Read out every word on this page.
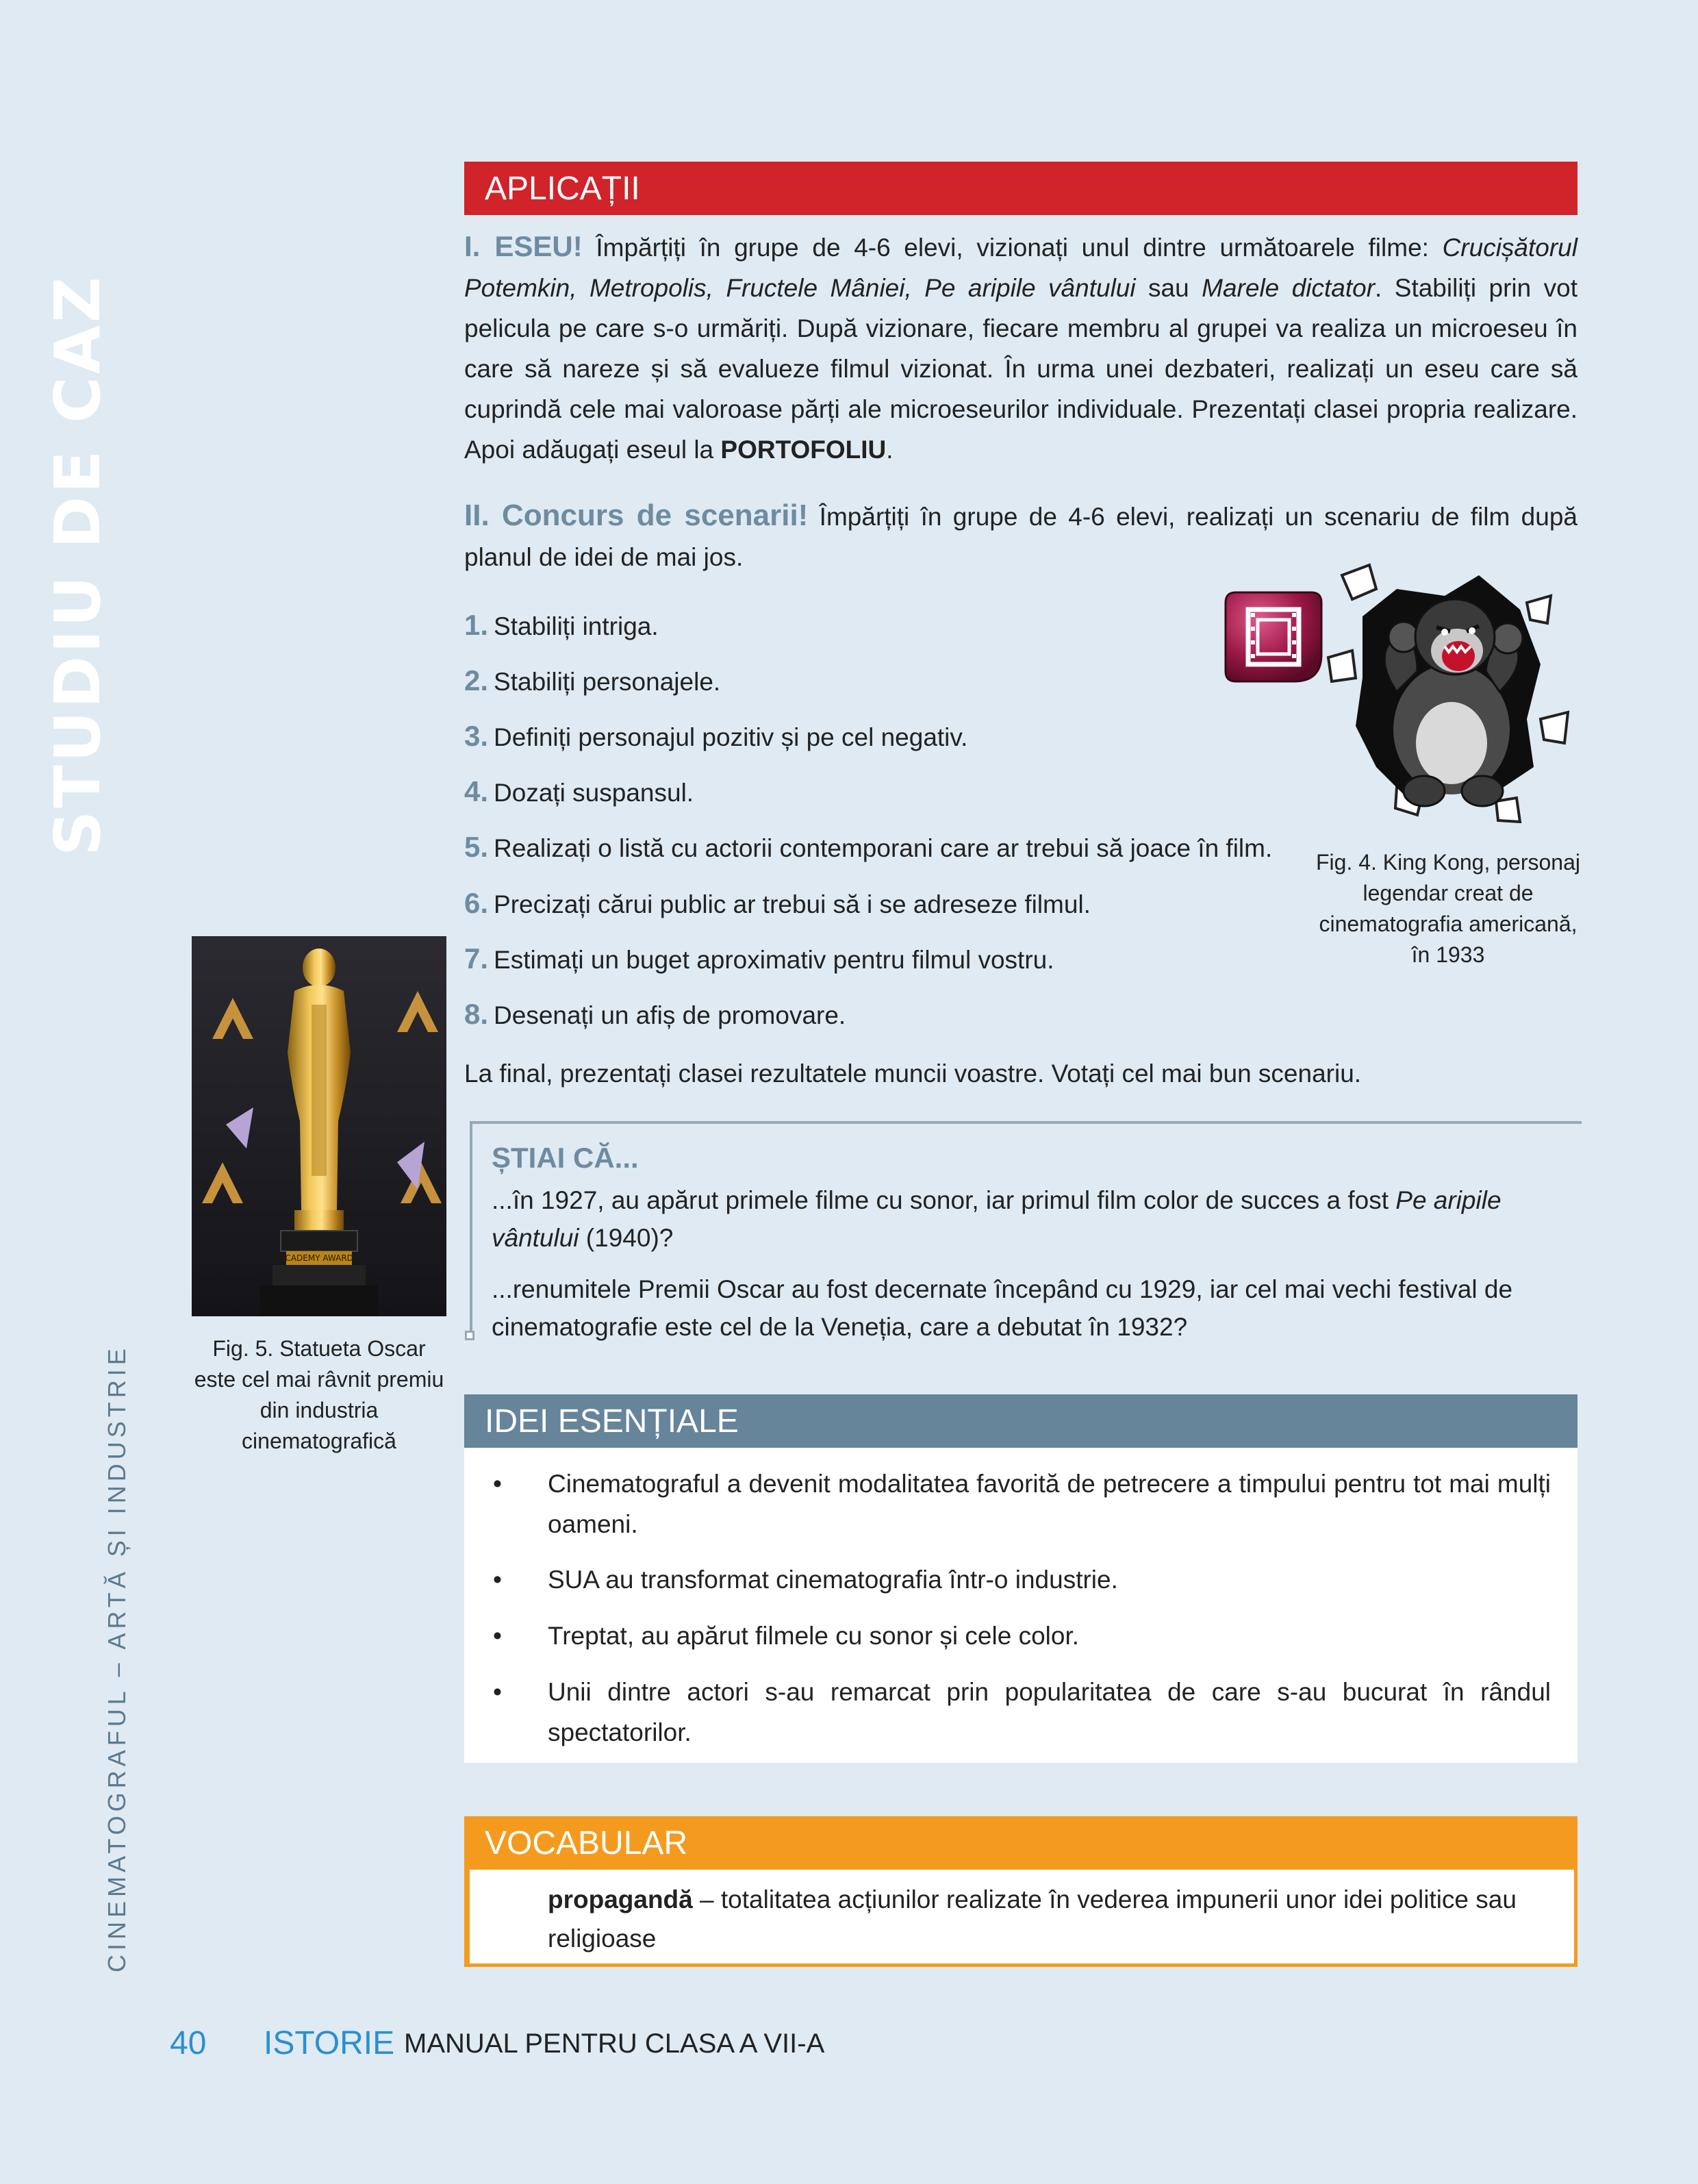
STUDIU DE CAZ
CINEMATOGRAFUL – ARTĂ ȘI INDUSTRIE
APLICAȚII
I. ESEU! Împărțiți în grupe de 4-6 elevi, vizionați unul dintre următoarele filme: Crucișătorul Potemkin, Metropolis, Fructele Mâniei, Pe aripile vântului sau Marele dictator. Stabiliți prin vot pelicula pe care s-o urmăriți. După vizionare, fiecare membru al grupei va realiza un microeseu în care să nareze și să evalueze filmul vizionat. În urma unei dezbateri, realizați un eseu care să cuprindă cele mai valoroase părți ale microeseurilor individuale. Prezentați clasei propria realizare. Apoi adăugați eseul la PORTOFOLIU.
II. Concurs de scenarii! Împărțiți în grupe de 4-6 elevi, realizați un scenariu de film după planul de idei de mai jos.
1. Stabiliți intriga.
2. Stabiliți personajele.
3. Definiți personajul pozitiv și pe cel negativ.
4. Dozați suspansul.
5. Realizați o listă cu actorii contemporani care ar trebui să joace în film.
6. Precizați cărui public ar trebui să i se adreseze filmul.
7. Estimați un buget aproximativ pentru filmul vostru.
8. Desenați un afiș de promovare.
La final, prezentați clasei rezultatele muncii voastre. Votați cel mai bun scenariu.
Fig. 4. King Kong, personaj legendar creat de cinematografia americană, în 1933
ACADEMY AWARDS
Fig. 5. Statueta Oscar este cel mai râvnit premiu din industria cinematografică
ȘTIAI CĂ...
...în 1927, au apărut primele filme cu sonor, iar primul film color de succes a fost Pe aripile vântului (1940)?
...renumitele Premii Oscar au fost decernate începând cu 1929, iar cel mai vechi festival de cinematografie este cel de la Veneția, care a debutat în 1932?
IDEI ESENȚIALE
• Cinematograful a devenit modalitatea favorită de petrecere a timpului pentru tot mai mulți oameni.
• SUA au transformat cinematografia într-o industrie.
• Treptat, au apărut filmele cu sonor și cele color.
• Unii dintre actori s-au remarcat prin popularitatea de care s-au bucurat în rândul spectatorilor.
VOCABULAR
propagandă – totalitatea acțiunilor realizate în vederea impunerii unor idei politice sau religioase
40 ISTORIE MANUAL PENTRU CLASA A VII-A
